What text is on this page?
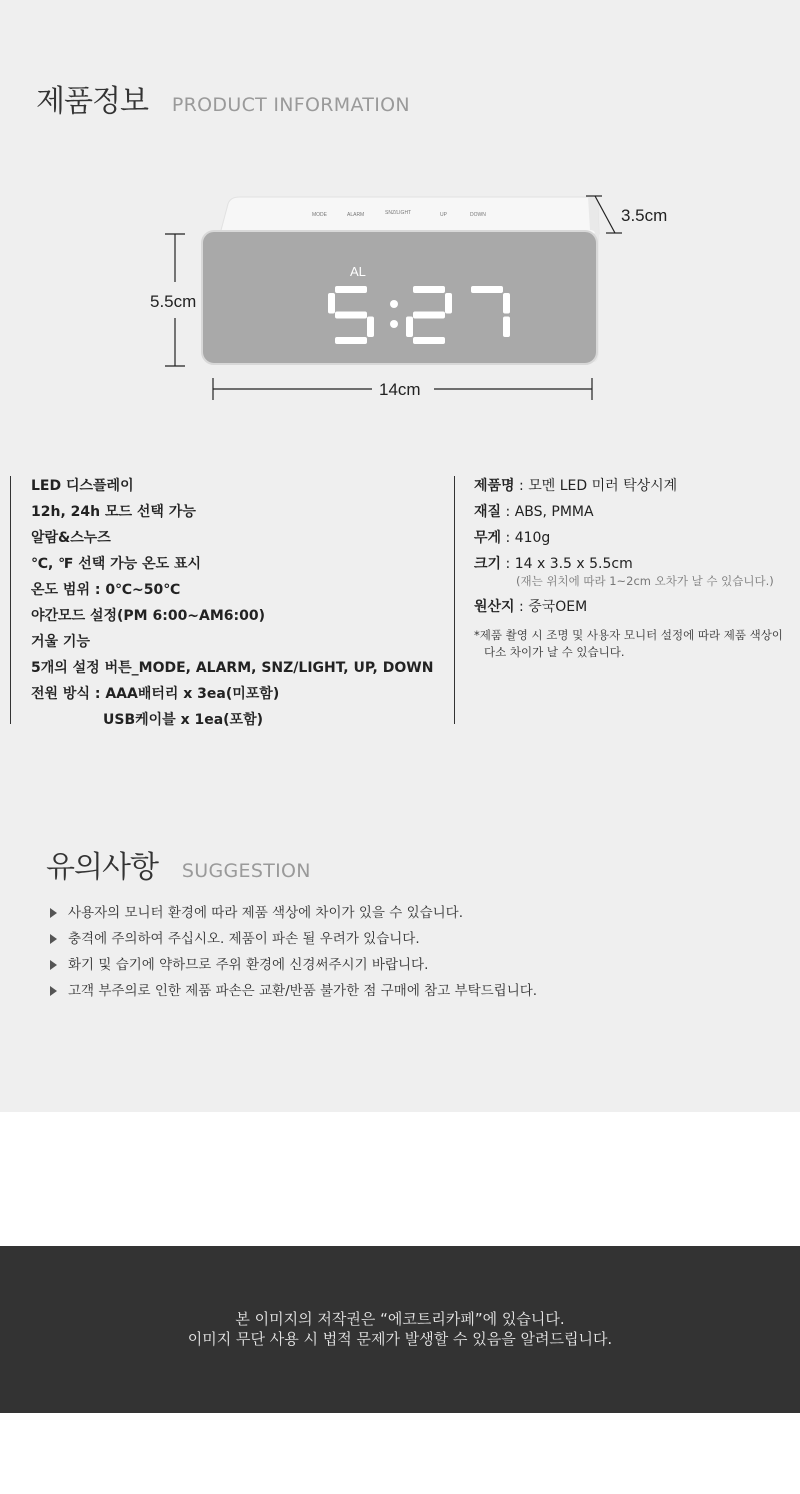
제품정보 PRODUCT INFORMATION
MODE	ALARM	SNZ/LIGHT	UP	DOWN
AL
5.5cm
3.5cm
14cm
LED 디스플레이
12h, 24h 모드 선택 가능
알람&스누즈
℃, ℉ 선택 가능 온도 표시
온도 범위 : 0℃~50℃
야간모드 설정(PM 6:00~AM6:00)
거울 기능
5개의 설정 버튼_MODE, ALARM, SNZ/LIGHT, UP, DOWN
전원 방식 : AAA배터리 x 3ea(미포함)
USB케이블 x 1ea(포함)
제품명 : 모멘 LED 미러 탁상시계
재질 : ABS, PMMA
무게 : 410g
크기 : 14 x 3.5 x 5.5cm
(재는 위치에 따라 1~2cm 오차가 날 수 있습니다.)
원산지 : 중국OEM
*제품 촬영 시 조명 및 사용자 모니터 설정에 따라 제품 색상이
다소 차이가 날 수 있습니다.
유의사항 SUGGESTION
사용자의 모니터 환경에 따라 제품 색상에 차이가 있을 수 있습니다.
충격에 주의하여 주십시오. 제품이 파손 될 우려가 있습니다.
화기 및 습기에 약하므로 주위 환경에 신경써주시기 바랍니다.
고객 부주의로 인한 제품 파손은 교환/반품 불가한 점 구매에 참고 부탁드립니다.
본 이미지의 저작권은 “에코트리카페”에 있습니다.
이미지 무단 사용 시 법적 문제가 발생할 수 있음을 알려드립니다.
